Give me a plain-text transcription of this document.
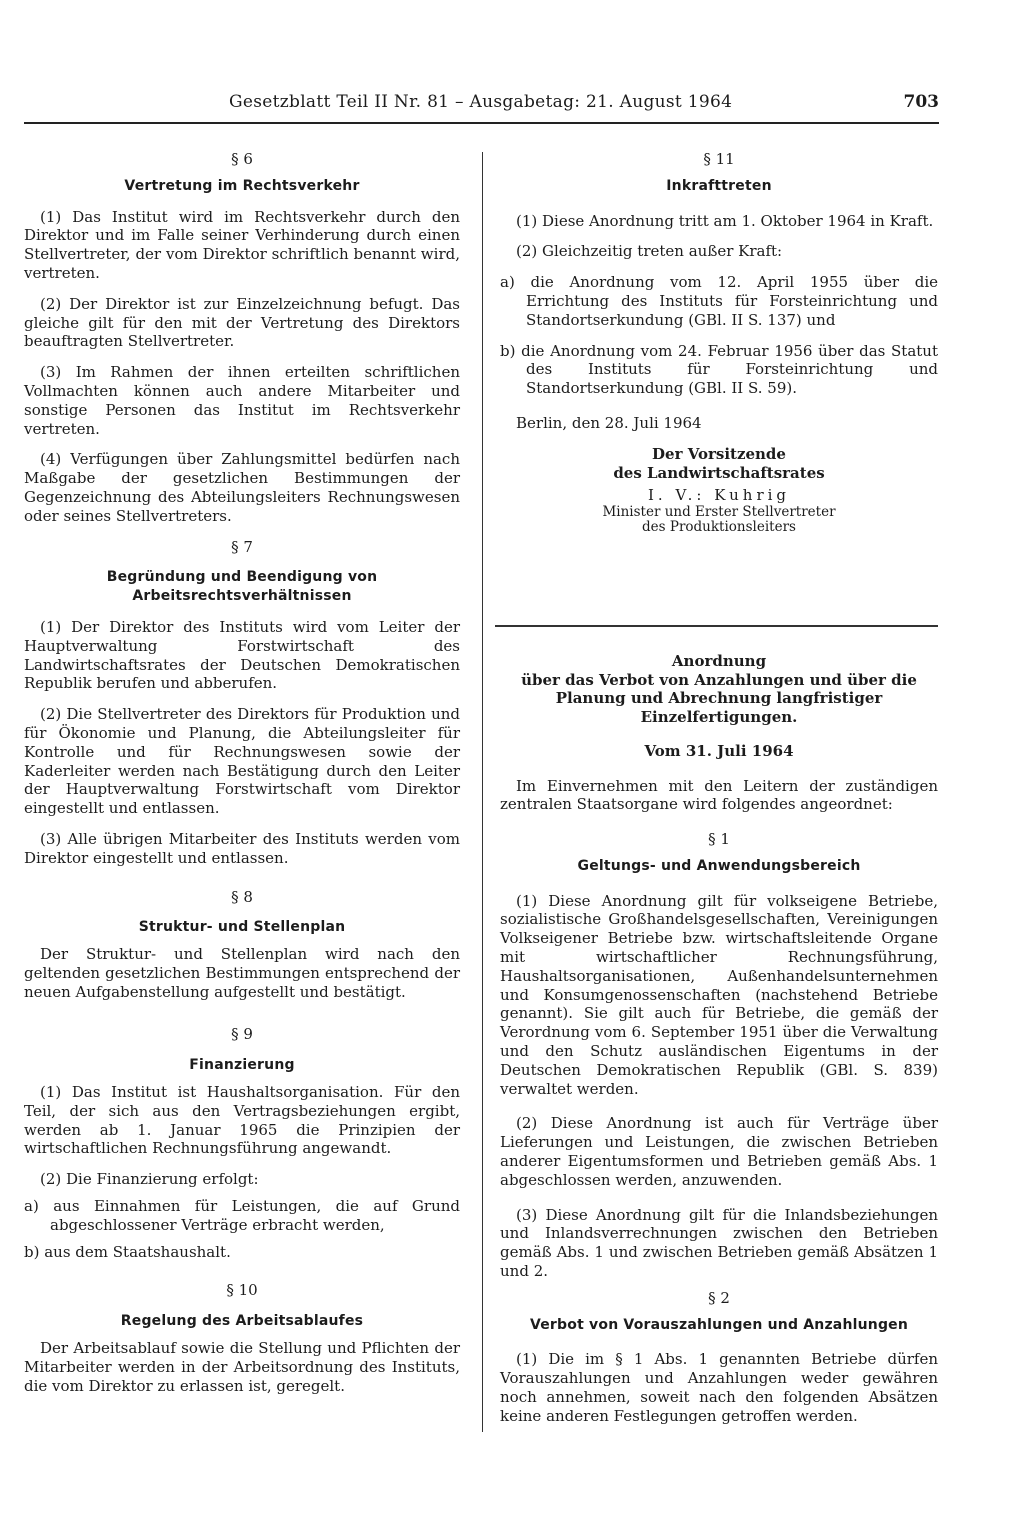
Gesetzblatt Teil II Nr. 81 – Ausgabetag: 21. August 1964	703
§ 6
Vertretung im Rechtsverkehr

(1) Das Institut wird im Rechtsverkehr durch den Direktor und im Falle seiner Verhinderung durch einen Stellvertreter, der vom Direktor schriftlich benannt wird, vertreten.

(2) Der Direktor ist zur Einzelzeichnung befugt. Das gleiche gilt für den mit der Vertretung des Direktors beauftragten Stellvertreter.

(3) Im Rahmen der ihnen erteilten schriftlichen Vollmachten können auch andere Mitarbeiter und sonstige Personen das Institut im Rechtsverkehr vertreten.

(4) Verfügungen über Zahlungsmittel bedürfen nach Maßgabe der gesetzlichen Bestimmungen der Gegenzeichnung des Abteilungsleiters Rechnungswesen oder seines Stellvertreters.

§ 7
Begründung und Beendigung von Arbeitsrechtsverhältnissen

(1) Der Direktor des Instituts wird vom Leiter der Hauptverwaltung Forstwirtschaft des Landwirtschaftsrates der Deutschen Demokratischen Republik berufen und abberufen.

(2) Die Stellvertreter des Direktors für Produktion und für Ökonomie und Planung, die Abteilungsleiter für Kontrolle und für Rechnungswesen sowie der Kaderleiter werden nach Bestätigung durch den Leiter der Hauptverwaltung Forstwirtschaft vom Direktor eingestellt und entlassen.

(3) Alle übrigen Mitarbeiter des Instituts werden vom Direktor eingestellt und entlassen.

§ 8
Struktur- und Stellenplan

Der Struktur- und Stellenplan wird nach den geltenden gesetzlichen Bestimmungen entsprechend der neuen Aufgabenstellung aufgestellt und bestätigt.

§ 9
Finanzierung

(1) Das Institut ist Haushaltsorganisation. Für den Teil, der sich aus den Vertragsbeziehungen ergibt, werden ab 1. Januar 1965 die Prinzipien der wirtschaftlichen Rechnungsführung angewandt.

(2) Die Finanzierung erfolgt:

a) aus Einnahmen für Leistungen, die auf Grund abgeschlossener Verträge erbracht werden,

b) aus dem Staatshaushalt.

§ 10
Regelung des Arbeitsablaufes

Der Arbeitsablauf sowie die Stellung und Pflichten der Mitarbeiter werden in der Arbeitsordnung des Instituts, die vom Direktor zu erlassen ist, geregelt.

§ 11
Inkrafttreten

(1) Diese Anordnung tritt am 1. Oktober 1964 in Kraft.

(2) Gleichzeitig treten außer Kraft:

a) die Anordnung vom 12. April 1955 über die Errichtung des Instituts für Forsteinrichtung und Standortserkundung (GBl. II S. 137) und

b) die Anordnung vom 24. Februar 1956 über das Statut des Instituts für Forsteinrichtung und Standortserkundung (GBl. II S. 59).

Berlin, den 28. Juli 1964

Der Vorsitzende
des Landwirtschaftsrates
I. V.: Kuhrig
Minister und Erster Stellvertreter
des Produktionsleiters
Anordnung
über das Verbot von Anzahlungen und über die
Planung und Abrechnung langfristiger
Einzelfertigungen.
Vom 31. Juli 1964

Im Einvernehmen mit den Leitern der zuständigen zentralen Staatsorgane wird folgendes angeordnet:

§ 1
Geltungs- und Anwendungsbereich

(1) Diese Anordnung gilt für volkseigene Betriebe, sozialistische Großhandelsgesellschaften, Vereinigungen Volkseigener Betriebe bzw. wirtschaftsleitende Organe mit wirtschaftlicher Rechnungsführung, Haushaltsorganisationen, Außenhandelsunternehmen und Konsumgenossenschaften (nachstehend Betriebe genannt). Sie gilt auch für Betriebe, die gemäß der Verordnung vom 6. September 1951 über die Verwaltung und den Schutz ausländischen Eigentums in der Deutschen Demokratischen Republik (GBl. S. 839) verwaltet werden.

(2) Diese Anordnung ist auch für Verträge über Lieferungen und Leistungen, die zwischen Betrieben anderer Eigentumsformen und Betrieben gemäß Abs. 1 abgeschlossen werden, anzuwenden.

(3) Diese Anordnung gilt für die Inlandsbeziehungen und Inlandsverrechnungen zwischen den Betrieben gemäß Abs. 1 und zwischen Betrieben gemäß Absätzen 1 und 2.

§ 2
Verbot von Vorauszahlungen und Anzahlungen

(1) Die im § 1 Abs. 1 genannten Betriebe dürfen Vorauszahlungen und Anzahlungen weder gewähren noch annehmen, soweit nach den folgenden Absätzen keine anderen Festlegungen getroffen werden.
